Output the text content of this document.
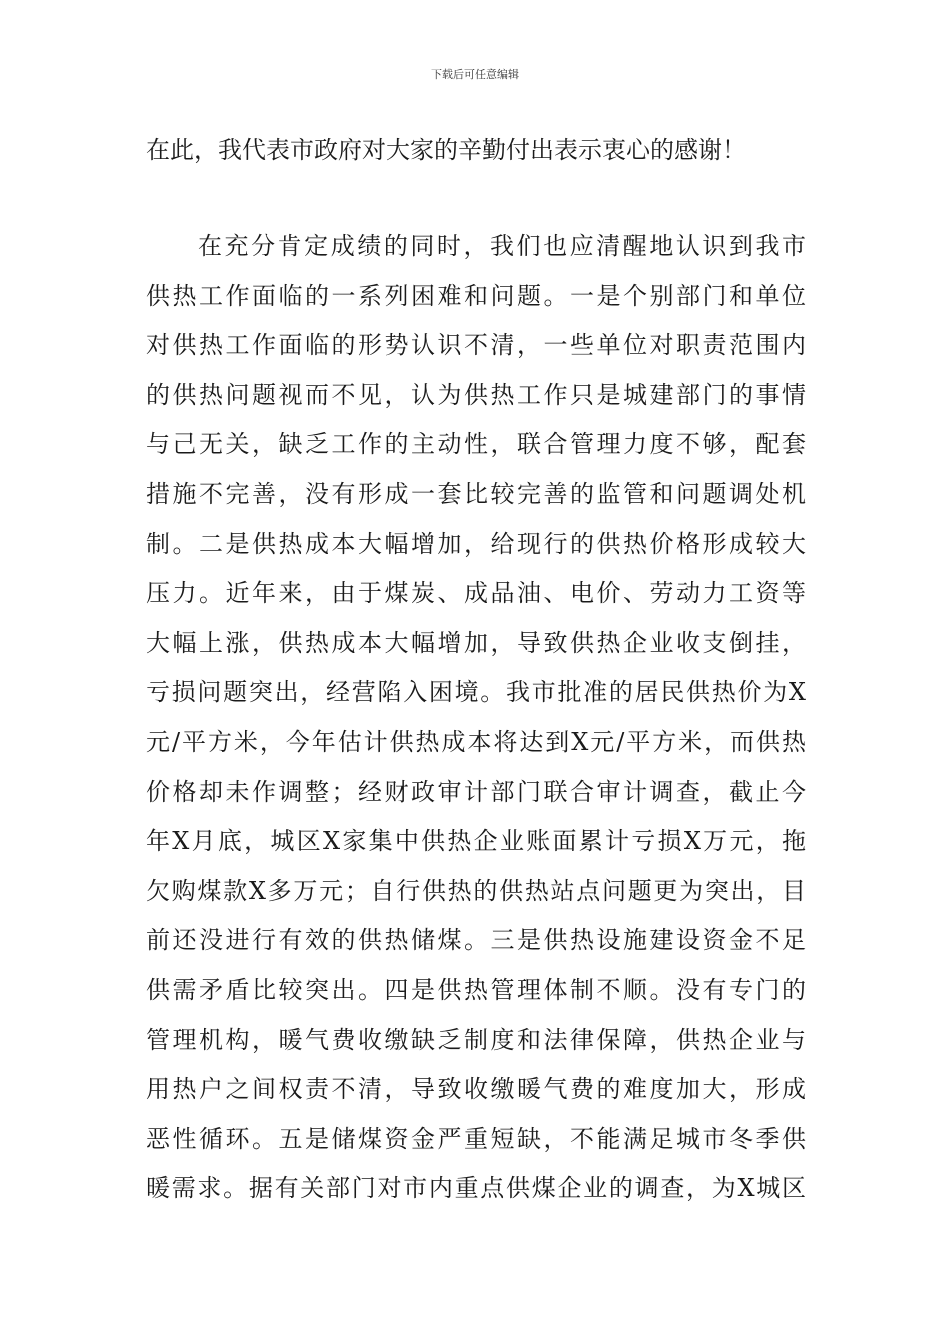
下载后可任意编辑
在此，我代表市政府对大家的辛勤付出表示衷心的感谢！
在充分肯定成绩的同时，我们也应清醒地认识到我市
供热工作面临的一系列困难和问题。一是个别部门和单位
对供热工作面临的形势认识不清，一些单位对职责范围内
的供热问题视而不见，认为供热工作只是城建部门的事情
与己无关，缺乏工作的主动性，联合管理力度不够，配套
措施不完善，没有形成一套比较完善的监管和问题调处机
制。二是供热成本大幅增加，给现行的供热价格形成较大
压力。近年来，由于煤炭、成品油、电价、劳动力工资等
大幅上涨，供热成本大幅增加，导致供热企业收支倒挂，
亏损问题突出，经营陷入困境。我市批准的居民供热价为X
元/平方米，今年估计供热成本将达到X元/平方米，而供热
价格却未作调整；经财政审计部门联合审计调查，截止今
年X月底，城区X家集中供热企业账面累计亏损X万元，拖
欠购煤款X多万元；自行供热的供热站点问题更为突出，目
前还没进行有效的供热储煤。三是供热设施建设资金不足
供需矛盾比较突出。四是供热管理体制不顺。没有专门的
管理机构，暖气费收缴缺乏制度和法律保障，供热企业与
用热户之间权责不清，导致收缴暖气费的难度加大，形成
恶性循环。五是储煤资金严重短缺，不能满足城市冬季供
暖需求。据有关部门对市内重点供煤企业的调查，为X城区
